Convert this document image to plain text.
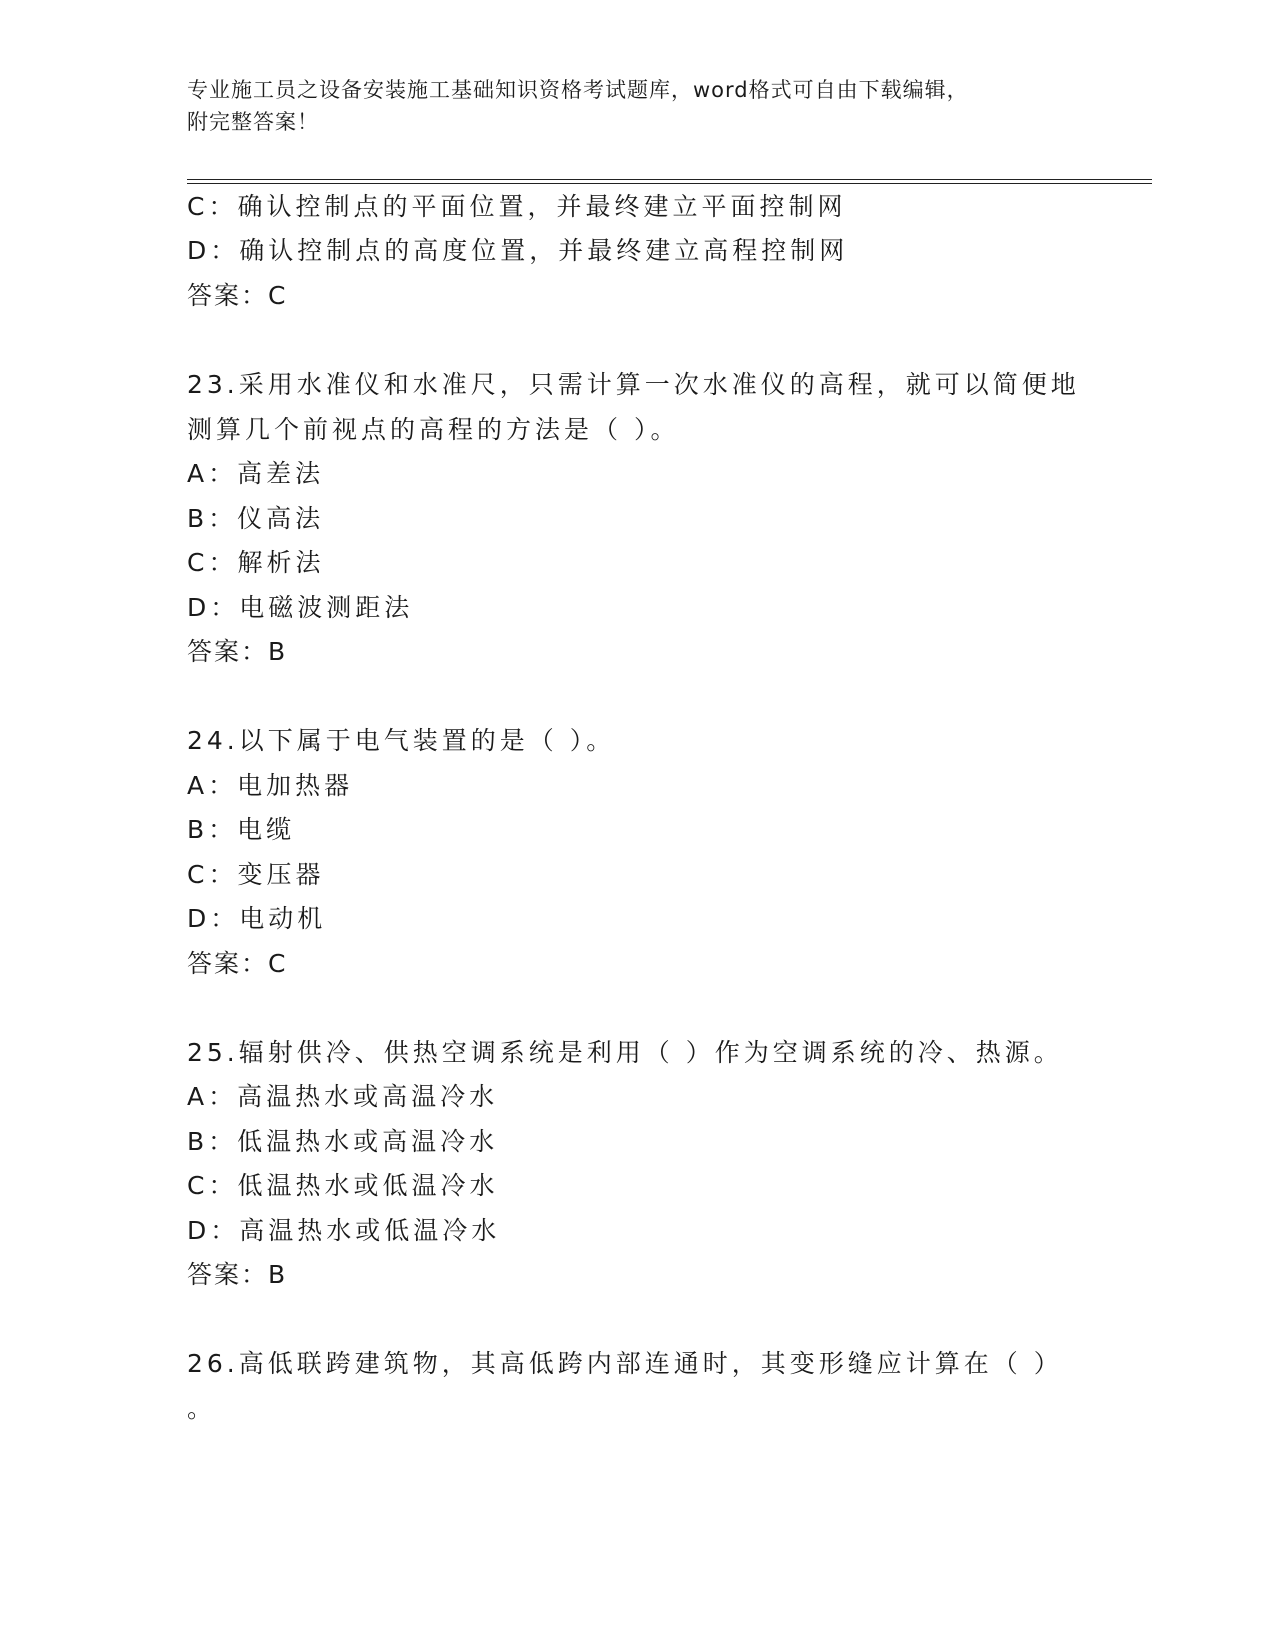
专业施工员之设备安装施工基础知识资格考试题库，word格式可自由下载编辑，
附完整答案！
C：确认控制点的平面位置，并最终建立平面控制网
D：确认控制点的高度位置，并最终建立高程控制网
答案：C
23.采用水准仪和水准尺，只需计算一次水准仪的高程，就可以简便地
测算几个前视点的高程的方法是（ ）。
A：高差法
B：仪高法
C：解析法
D：电磁波测距法
答案：B
24.以下属于电气装置的是（ ）。
A：电加热器
B：电缆
C：变压器
D：电动机
答案：C
25.辐射供冷、供热空调系统是利用（ ）作为空调系统的冷、热源。
A：高温热水或高温冷水
B：低温热水或高温冷水
C：低温热水或低温冷水
D：高温热水或低温冷水
答案：B
26.高低联跨建筑物，其高低跨内部连通时，其变形缝应计算在（ ）
。
